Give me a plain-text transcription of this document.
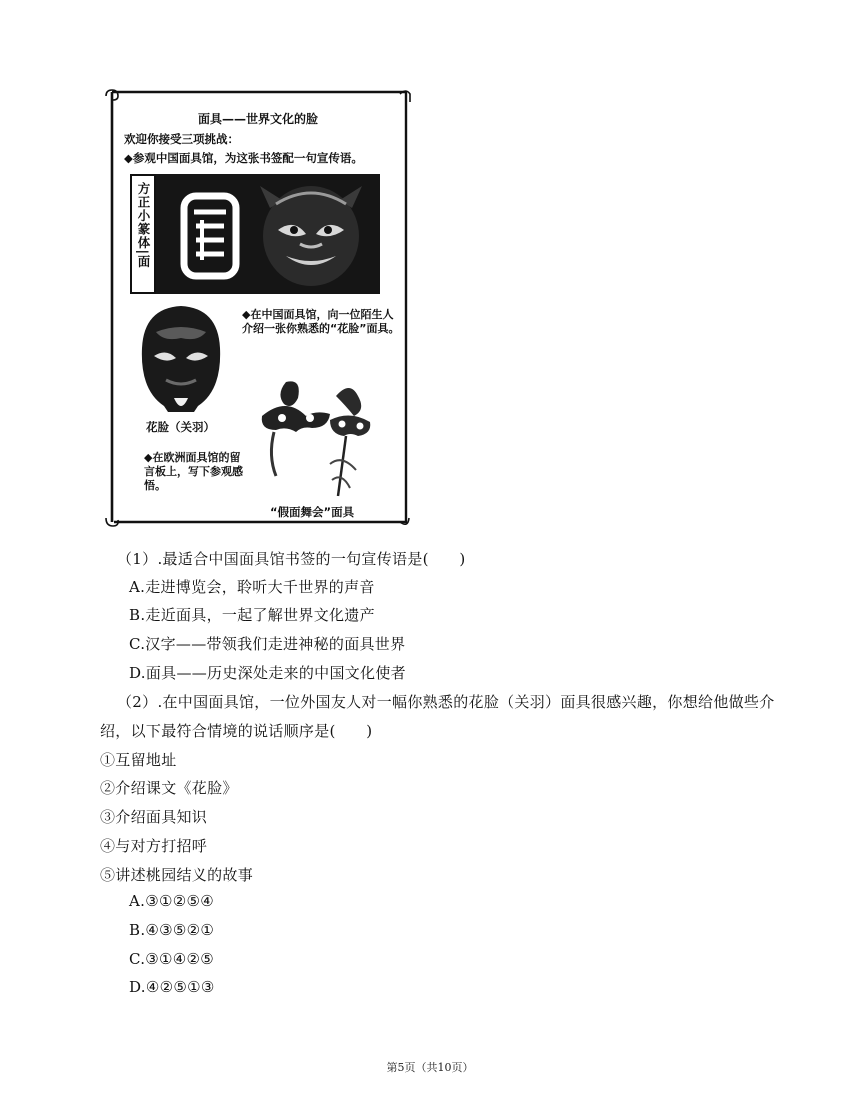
面具——世界文化的脸
欢迎你接受三项挑战：
◆参观中国面具馆，为这张书签配一句宣传语。
方正小篆体|面
花脸（关羽）
◆在中国面具馆，向一位陌生人介绍一张你熟悉的“花脸”面具。
◆在欧洲面具馆的留言板上，写下参观感悟。
“假面舞会”面具
（1）.最适合中国面具馆书签的一句宣传语是(　　)
A.走进博览会，聆听大千世界的声音
B.走近面具，一起了解世界文化遗产
C.汉字——带领我们走进神秘的面具世界
D.面具——历史深处走来的中国文化使者
（2）.在中国面具馆，一位外国友人对一幅你熟悉的花脸（关羽）面具很感兴趣，你想给他做些介
绍，以下最符合情境的说话顺序是(　　)
①互留地址
②介绍课文《花脸》
③介绍面具知识
④与对方打招呼
⑤讲述桃园结义的故事
A.③①②⑤④
B.④③⑤②①
C.③①④②⑤
D.④②⑤①③
第5页（共10页）
